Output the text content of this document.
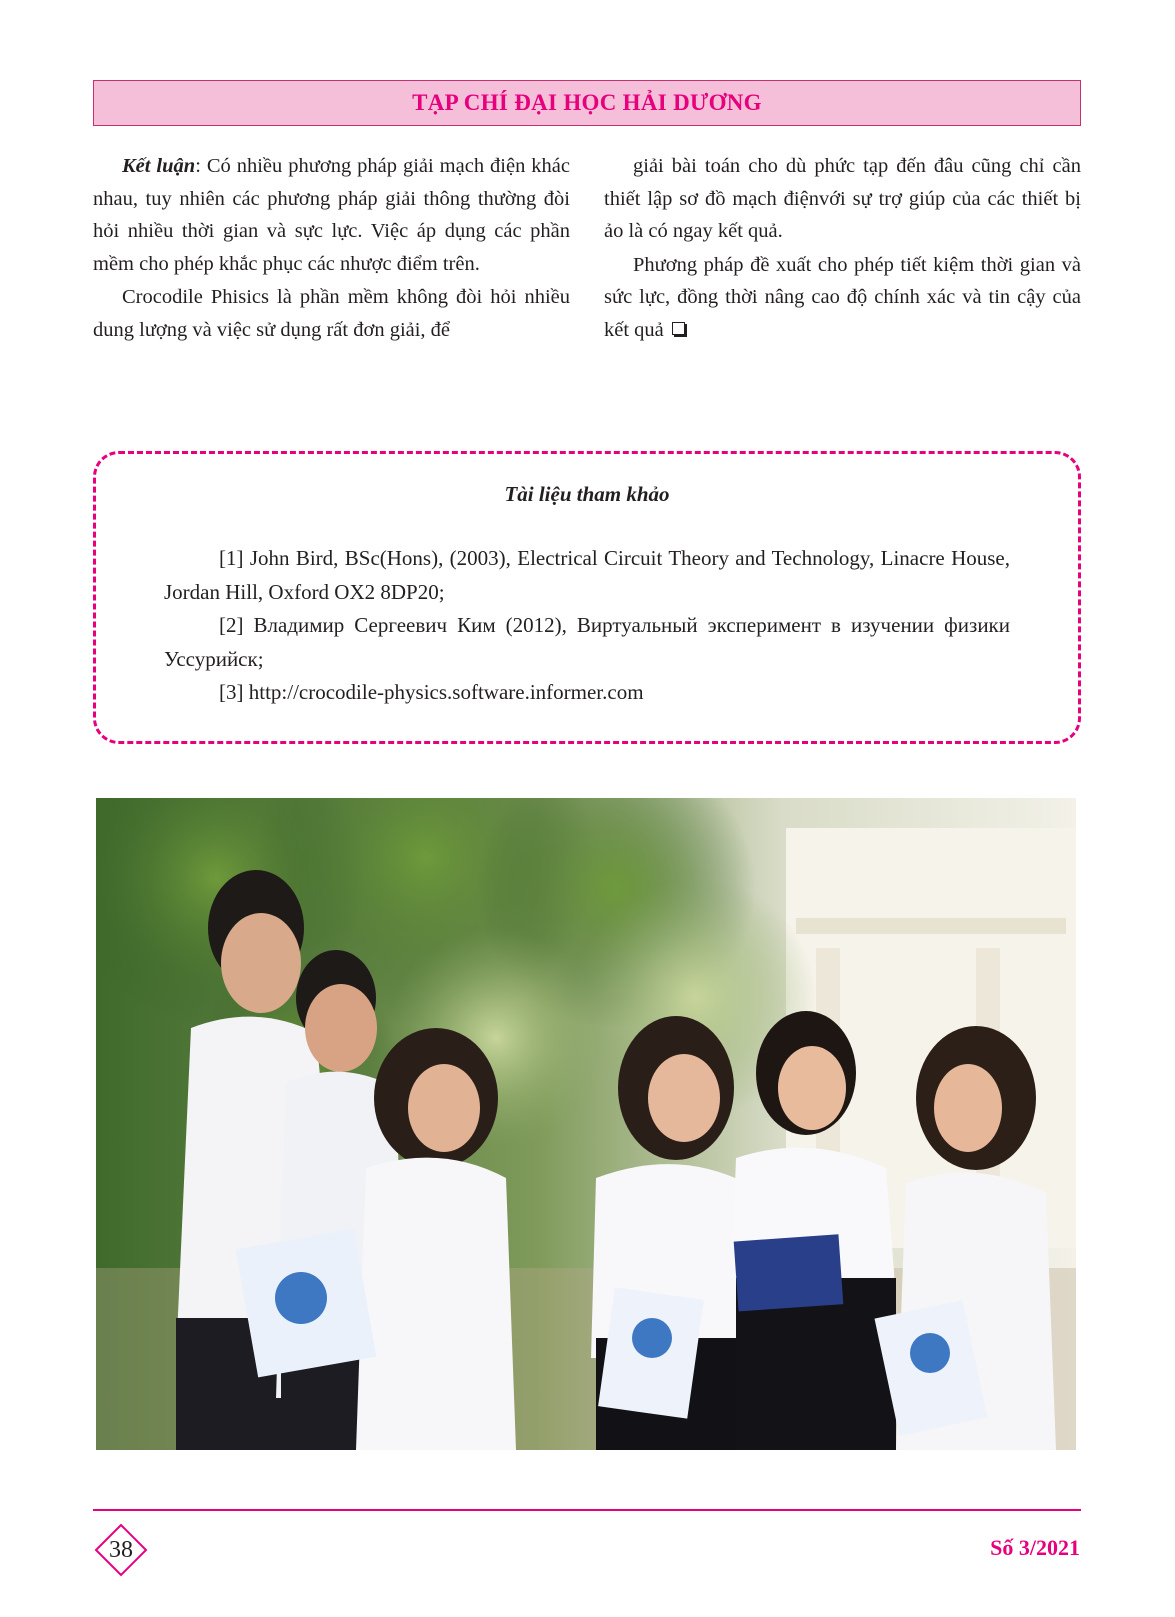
TẠP CHÍ ĐẠI HỌC HẢI DƯƠNG

Kết luận: Có nhiều phương pháp giải mạch điện khác nhau, tuy nhiên các phương pháp giải thông thường đòi hỏi nhiều thời gian và sực lực. Việc áp dụng các phần mềm cho phép khắc phục các nhược điểm trên.

Crocodile Phisics là phần mềm không đòi hỏi nhiều dung lượng và việc sử dụng rất đơn giải, để

giải bài toán cho dù phức tạp đến đâu cũng chỉ cần thiết lập sơ đồ mạch điệnvới sự trợ giúp của các thiết bị ảo là có ngay kết quả.

Phương pháp đề xuất cho phép tiết kiệm thời gian và sức lực, đồng thời nâng cao độ chính xác và tin cậy của kết quả

Tài liệu tham khảo

[1] John Bird, BSc(Hons), (2003), Electrical Circuit Theory and Technology, Linacre House, Jordan Hill, Oxford OX2 8DP20;

[2] Владимир Сергеевич Ким (2012), Виртуальный эксперимент в изучении физики Уссурийск;

[3] http://crocodile-physics.software.informer.com

38	Số 3/2021
